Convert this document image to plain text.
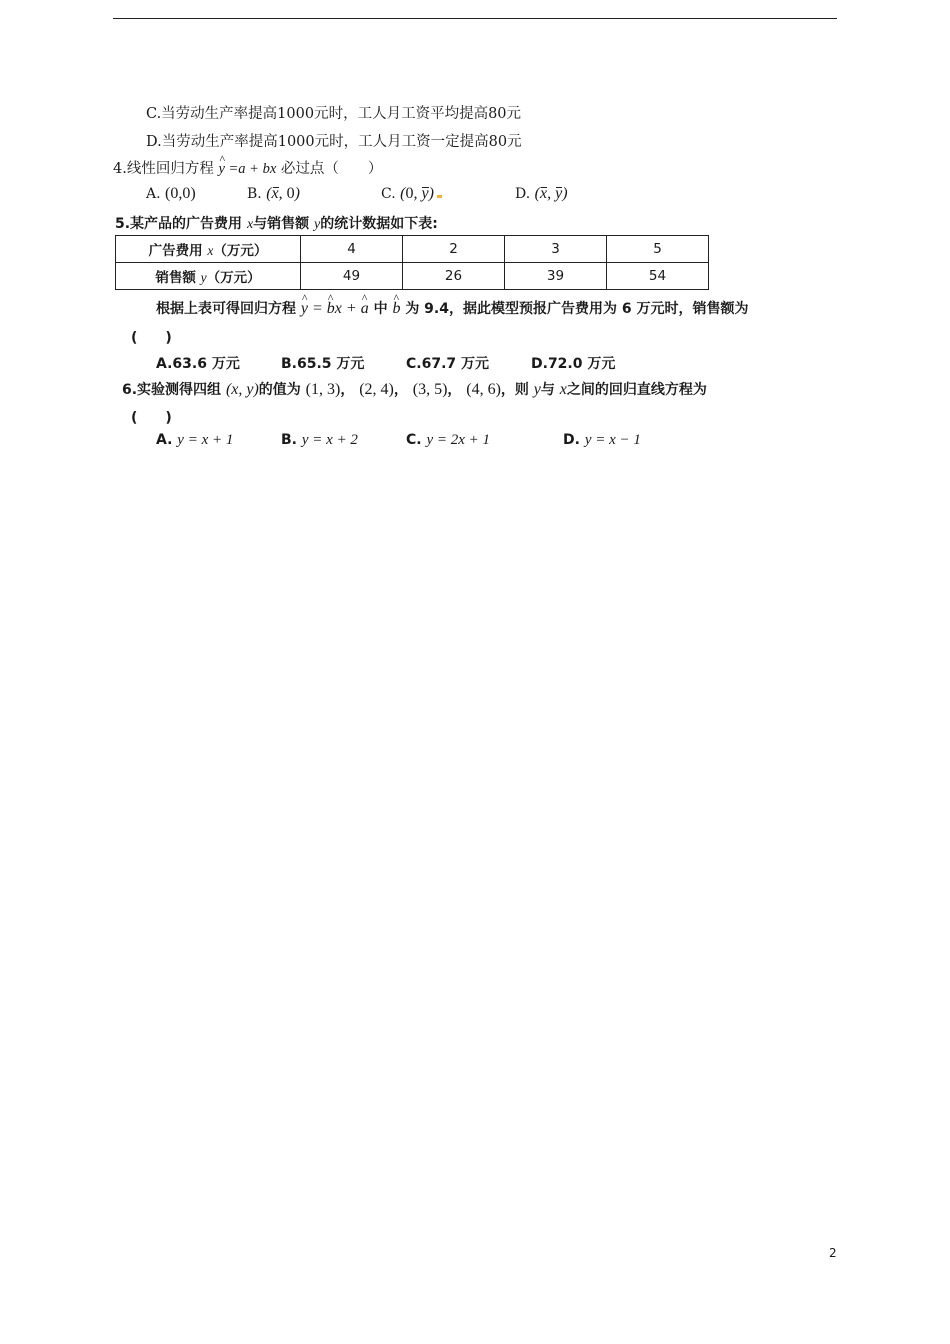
C.当劳动生产率提高1000元时，工人月工资平均提高80元
D.当劳动生产率提高1000元时，工人月工资一定提高80元
4.线性回归方程 ^ y =a + bx 必过点（　　）
A. (0,0)	B. (x, 0)	C. (0, y)	D. (x, y)
5.某产品的广告费用 x与销售额 y的统计数据如下表:
广告费用 x（万元）	4	2	3	5
销售额 y（万元）	49	26	39	54
根据上表可得回归方程 ^ y = ^ bx + ^ a 中 ^ b 为 9.4，据此模型预报广告费用为 6 万元时，销售额为
(　　)
A.63.6 万元	B.65.5 万元	C.67.7 万元	D.72.0 万元
6.实验测得四组 (x, y)的值为 (1, 3)， (2, 4)， (3, 5)， (4, 6)，则 y与 x之间的回归直线方程为
(　　)
A. y = x + 1	B. y = x + 2	C. y = 2x + 1	D. y = x − 1
2
